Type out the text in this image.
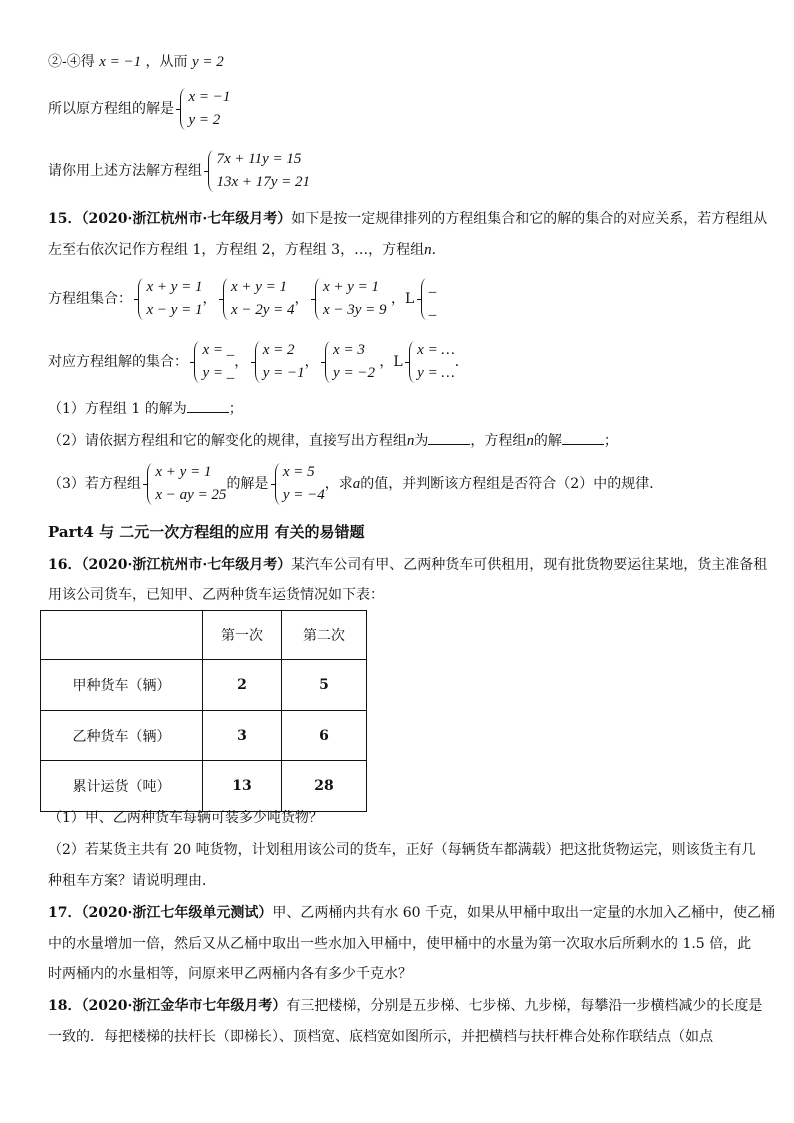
②-④得 x = −1 ，从而 y = 2
所以原方程组的解是
x = −1
y = 2
请你用上述方法解方程组
7x + 11y = 15
13x + 17y = 21
15．（2020·浙江杭州市·七年级月考）如下是按一定规律排列的方程组集合和它的解的集合的对应关系，若方程组从
左至右依次记作方程组 1，方程组 2，方程组 3，…，方程组n．
方程组集合：
x + y = 1
x − y = 1
，
x + y = 1
x − 2y = 4
，
x + y = 1
x − 3y = 9
，L
_
_
对应方程组解的集合：
x = _
y = _
，
x = 2
y = −1
，
x = 3
y = −2
，L
x = …
y = …
．
（1）方程组 1 的解为	；
（2）请依据方程组和它的解变化的规律，直接写出方程组n为	，方程组n的解	；
（3）若方程组
x + y = 1
x − ay = 25
的解是
x = 5
y = −4
，求a的值，并判断该方程组是否符合（2）中的规律．
Part4 与 二元一次方程组的应用 有关的易错题
16．（2020·浙江杭州市·七年级月考）某汽车公司有甲、乙两种货车可供租用，现有批货物要运往某地，货主准备租
用该公司货车，已知甲、乙两种货车运货情况如下表：
	第一次	第二次
甲种货车（辆）	2	5
乙种货车（辆）	3	6
累计运货（吨）	13	28
（1）甲、乙两种货车每辆可装多少吨货物？
（2）若某货主共有 20 吨货物，计划租用该公司的货车，正好（每辆货车都满载）把这批货物运完，则该货主有几
种租车方案？请说明理由．
17．（2020·浙江七年级单元测试）甲、乙两桶内共有水 60 千克，如果从甲桶中取出一定量的水加入乙桶中，使乙桶
中的水量增加一倍，然后又从乙桶中取出一些水加入甲桶中，使甲桶中的水量为第一次取水后所剩水的 1.5 倍，此
时两桶内的水量相等，问原来甲乙两桶内各有多少千克水？
18．（2020·浙江金华市七年级月考）有三把楼梯，分别是五步梯、七步梯、九步梯，每攀沿一步横档减少的长度是
一致的．每把楼梯的扶杆长（即梯长）、顶档宽、底档宽如图所示，并把横档与扶杆榫合处称作联结点（如点
